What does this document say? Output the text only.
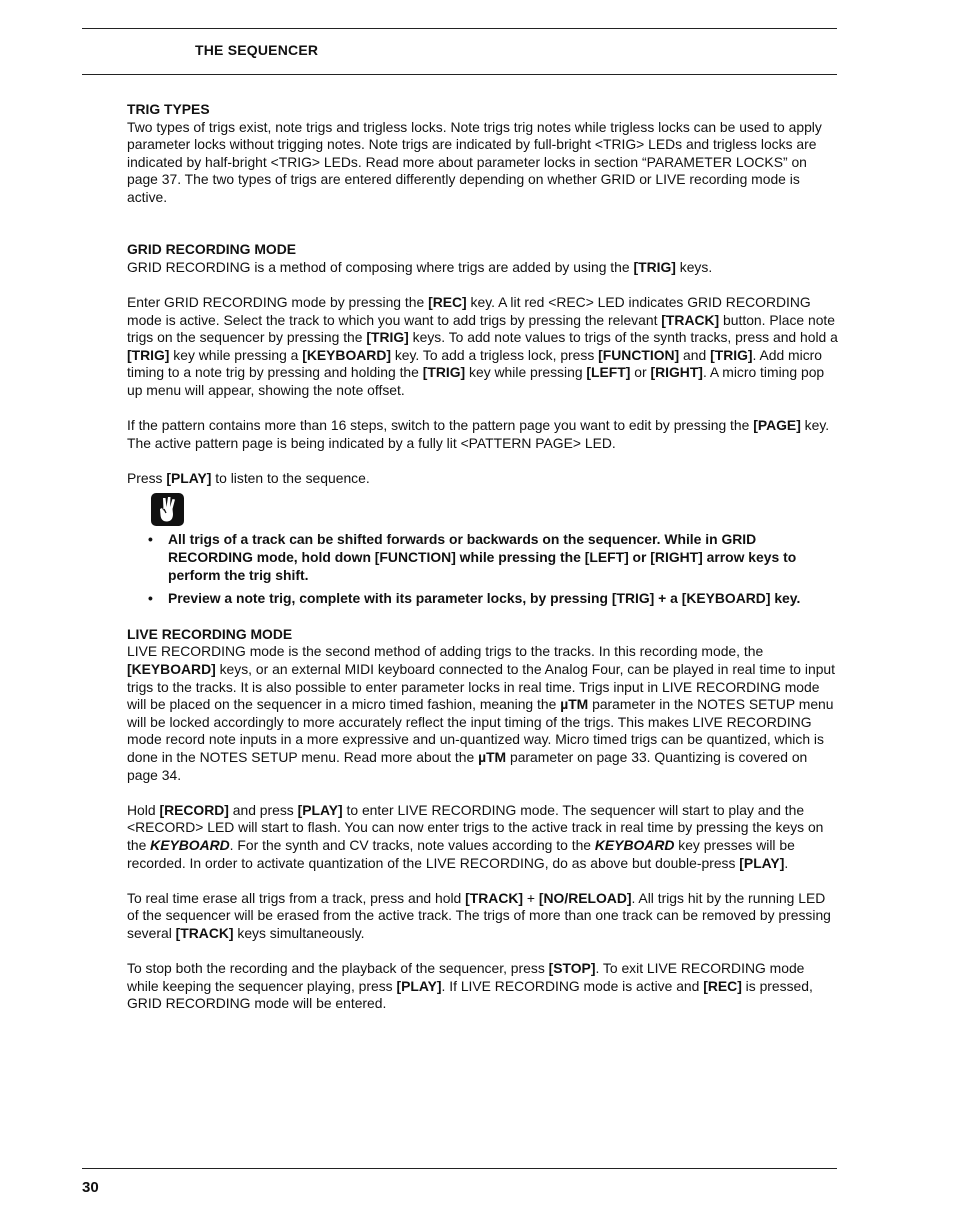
THE SEQUENCER
TRIG TYPES

Two types of trigs exist, note trigs and trigless locks. Note trigs trig notes while trigless locks can be used to apply parameter locks without trigging notes. Note trigs are indicated by full-bright <TRIG> LEDs and trigless locks are indicated by half-bright <TRIG> LEDs. Read more about parameter locks in section “PARAMETER LOCKS” on page 37. The two types of trigs are entered differently depending on whether GRID or LIVE recording mode is active.

GRID RECORDING MODE

GRID RECORDING is a method of composing where trigs are added by using the [TRIG] keys.

Enter GRID RECORDING mode by pressing the [REC] key. A lit red <REC> LED indicates GRID RECORDING mode is active. Select the track to which you want to add trigs by pressing the relevant [TRACK] button. Place note trigs on the sequencer by pressing the [TRIG] keys. To add note values to trigs of the synth tracks, press and hold a [TRIG] key while pressing a [KEYBOARD] key. To add a trigless lock, press [FUNCTION] and [TRIG]. Add micro timing to a note trig by pressing and holding the [TRIG] key while pressing [LEFT] or [RIGHT]. A micro timing pop up menu will appear, showing the note offset.

If the pattern contains more than 16 steps, switch to the pattern page you want to edit by pressing the [PAGE] key. The active pattern page is being indicated by a fully lit <PATTERN PAGE> LED.

Press [PLAY] to listen to the sequence.

• All trigs of a track can be shifted forwards or backwards on the sequencer. While in GRID RECORDING mode, hold down [FUNCTION] while pressing the [LEFT] or [RIGHT] arrow keys to perform the trig shift.
• Preview a note trig, complete with its parameter locks, by pressing [TRIG] + a [KEYBOARD] key.
LIVE RECORDING MODE

LIVE RECORDING mode is the second method of adding trigs to the tracks. In this recording mode, the [KEYBOARD] keys, or an external MIDI keyboard connected to the Analog Four, can be played in real time to input trigs to the tracks. It is also possible to enter parameter locks in real time. Trigs input in LIVE RECORDING mode will be placed on the sequencer in a micro timed fashion, meaning the µTM parameter in the NOTES SETUP menu will be locked accordingly to more accurately reflect the input timing of the trigs. This makes LIVE RECORDING mode record note inputs in a more expressive and un-quantized way. Micro timed trigs can be quantized, which is done in the NOTES SETUP menu. Read more about the µTM parameter on page 33. Quantizing is covered on page 34.

Hold [RECORD] and press [PLAY] to enter LIVE RECORDING mode. The sequencer will start to play and the <RECORD> LED will start to flash. You can now enter trigs to the active track in real time by pressing the keys on the KEYBOARD. For the synth and CV tracks, note values according to the KEYBOARD key presses will be recorded. In order to activate quantization of the LIVE RECORDING, do as above but double-press [PLAY].

To real time erase all trigs from a track, press and hold [TRACK] + [NO/RELOAD]. All trigs hit by the running LED of the sequencer will be erased from the active track. The trigs of more than one track can be removed by pressing several [TRACK] keys simultaneously.

To stop both the recording and the playback of the sequencer, press [STOP]. To exit LIVE RECORDING mode while keeping the sequencer playing, press [PLAY]. If LIVE RECORDING mode is active and [REC] is pressed, GRID RECORDING mode will be entered.

30
